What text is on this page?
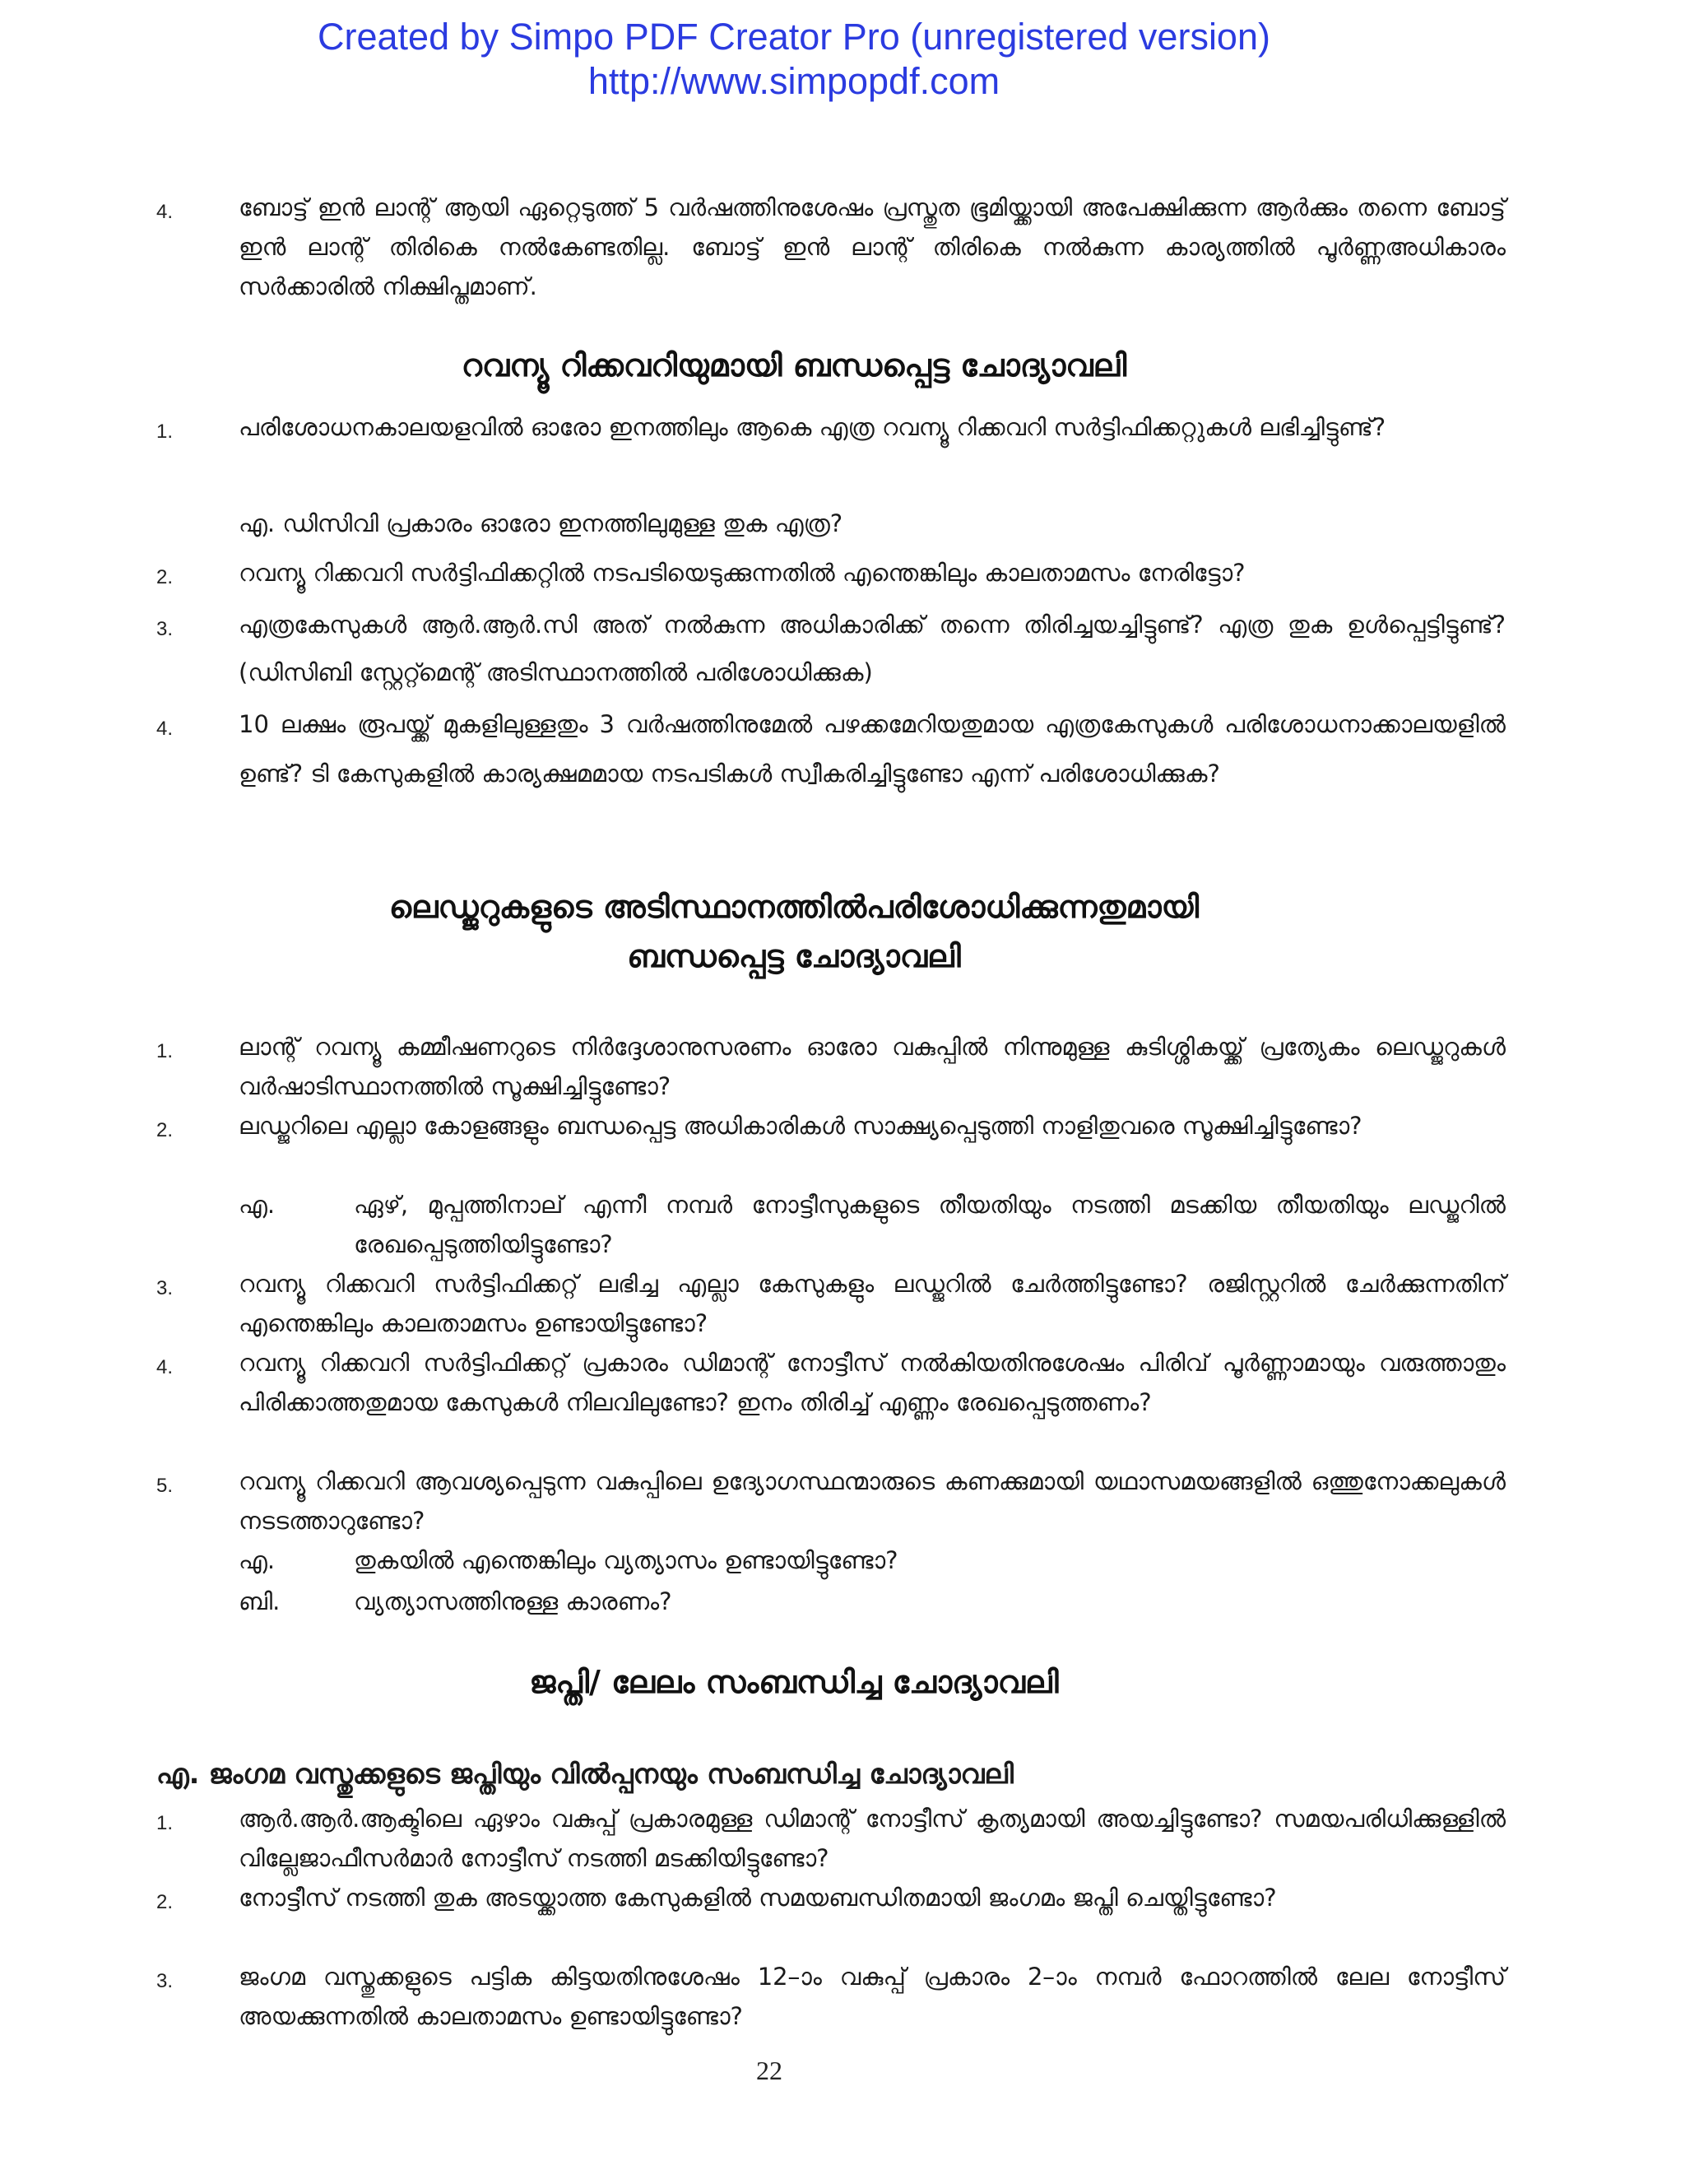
Created by Simpo PDF Creator Pro (unregistered version)
http://www.simpopdf.com
4.	ബോട്ട് ഇൻ ലാന്റ് ആയി ഏറ്റെടുത്ത് 5 വർഷത്തിനുശേഷം പ്രസ്തുത ഭൂമിയ്ക്കായി അപേക്ഷിക്കുന്ന ആർക്കും തന്നെ ബോട്ട് ഇൻ ലാന്റ് തിരികെ നൽകേണ്ടതില്ല. ബോട്ട് ഇൻ ലാന്റ് തിരികെ നൽകുന്ന കാര്യത്തിൽ പൂർണ്ണഅധികാരം സർക്കാരിൽ നിക്ഷിപ്തമാണ്.
റവന്യൂ റിക്കവറിയുമായി ബന്ധപ്പെട്ട ചോദ്യാവലി
1.	പരിശോധനകാലയളവിൽ ഓരോ ഇനത്തിലും ആകെ എത്ര റവന്യൂ റിക്കവറി സർട്ടിഫിക്കറ്റുകൾ ലഭിച്ചിട്ടുണ്ട്?
എ. ഡിസിവി പ്രകാരം ഓരോ ഇനത്തിലുമുള്ള തുക എത്ര?
2.	റവന്യൂ റിക്കവറി സർട്ടിഫിക്കറ്റിൽ നടപടിയെടുക്കുന്നതിൽ എന്തെങ്കിലും കാലതാമസം നേരിട്ടോ?
3.	എത്രകേസുകൾ ആർ.ആർ.സി അത് നൽകുന്ന അധികാരിക്ക് തന്നെ തിരിച്ചയച്ചിട്ടുണ്ട്? എത്ര തുക ഉൾപ്പെട്ടിട്ടുണ്ട്? (ഡിസിബി സ്റ്റേറ്റ്മെന്റ് അടിസ്ഥാനത്തിൽ പരിശോധിക്കുക)
4.	10 ലക്ഷം രൂപയ്ക്ക് മുകളിലുള്ളതും 3 വർഷത്തിനുമേൽ പഴക്കമേറിയതുമായ എത്രകേസുകൾ പരിശോധനാക്കാലയളിൽ ഉണ്ട്? ടി കേസുകളിൽ കാര്യക്ഷമമായ നടപടികൾ സ്വീകരിച്ചിട്ടുണ്ടോ എന്ന് പരിശോധിക്കുക?
ലെഡ്ജറുകളുടെ അടിസ്ഥാനത്തിൽപരിശോധിക്കുന്നതുമായി
ബന്ധപ്പെട്ട ചോദ്യാവലി
1.	ലാന്റ് റവന്യൂ കമ്മീഷണറുടെ നിർദ്ദേശാനുസരണം ഓരോ വകുപ്പിൽ നിന്നുമുള്ള കുടിശ്ശികയ്ക്ക് പ്രത്യേകം ലെഡ്ജറുകൾ വർഷാടിസ്ഥാനത്തിൽ സൂക്ഷിച്ചിട്ടുണ്ടോ?
2.	ലഡ്ജറിലെ എല്ലാ കോളങ്ങളും ബന്ധപ്പെട്ട അധികാരികൾ സാക്ഷ്യപ്പെടുത്തി നാളിതുവരെ സൂക്ഷിച്ചിട്ടുണ്ടോ?
എ.	ഏഴ്, മുപ്പത്തിനാല് എന്നീ നമ്പർ നോട്ടീസുകളുടെ തീയതിയും നടത്തി മടക്കിയ തീയതിയും ലഡ്ജറിൽ രേഖപ്പെടുത്തിയിട്ടുണ്ടോ?
3.	റവന്യൂ റിക്കവറി സർട്ടിഫിക്കറ്റ് ലഭിച്ച എല്ലാ കേസുകളും ലഡ്ജറിൽ ചേർത്തിട്ടുണ്ടോ? രജിസ്റ്ററിൽ ചേർക്കുന്നതിന് എന്തെങ്കിലും കാലതാമസം ഉണ്ടായിട്ടുണ്ടോ?
4.	റവന്യൂ റിക്കവറി സർട്ടിഫിക്കറ്റ് പ്രകാരം ഡിമാന്റ് നോട്ടീസ് നൽകിയതിനുശേഷം പിരിവ് പൂർണ്ണാമായും വരുത്താതും പിരിക്കാത്തതുമായ കേസുകൾ നിലവിലുണ്ടോ? ഇനം തിരിച്ച് എണ്ണം രേഖപ്പെടുത്തണം?
5.	റവന്യൂ റിക്കവറി ആവശ്യപ്പെടുന്ന വകുപ്പിലെ ഉദ്യോഗസ്ഥന്മാരുടെ കണക്കുമായി യഥാസമയങ്ങളിൽ ഒത്തുനോക്കലുകൾ നടടത്താറുണ്ടോ?
എ.	തുകയിൽ എന്തെങ്കിലും വ്യത്യാസം ഉണ്ടായിട്ടുണ്ടോ?
ബി.	വ്യത്യാസത്തിനുള്ള കാരണം?
ജപ്തി/ ലേലം സംബന്ധിച്ച ചോദ്യാവലി
എ. ജംഗമ വസ്തുക്കളുടെ ജപ്തിയും വിൽപ്പനയും സംബന്ധിച്ച ചോദ്യാവലി
1.	ആർ.ആർ.ആക്ടിലെ ഏഴാം വകുപ്പ് പ്രകാരമുള്ള ഡിമാന്റ് നോട്ടീസ് കൃത്യമായി അയച്ചിട്ടുണ്ടോ? സമയപരിധിക്കുള്ളിൽ വില്ലേജാഫീസർമാർ നോട്ടീസ് നടത്തി മടക്കിയിട്ടുണ്ടോ?
2.	നോട്ടീസ് നടത്തി തുക അടയ്ക്കാത്ത കേസുകളിൽ സമയബന്ധിതമായി ജംഗമം ജപ്തി ചെയ്തിട്ടുണ്ടോ?
3.	ജംഗമ വസ്തുക്കളുടെ പട്ടിക കിട്ടയതിനുശേഷം 12–ാം വകുപ്പ് പ്രകാരം 2–ാം നമ്പർ ഫോറത്തിൽ ലേല നോട്ടീസ് അയക്കുന്നതിൽ കാലതാമസം ഉണ്ടായിട്ടുണ്ടോ?
22
